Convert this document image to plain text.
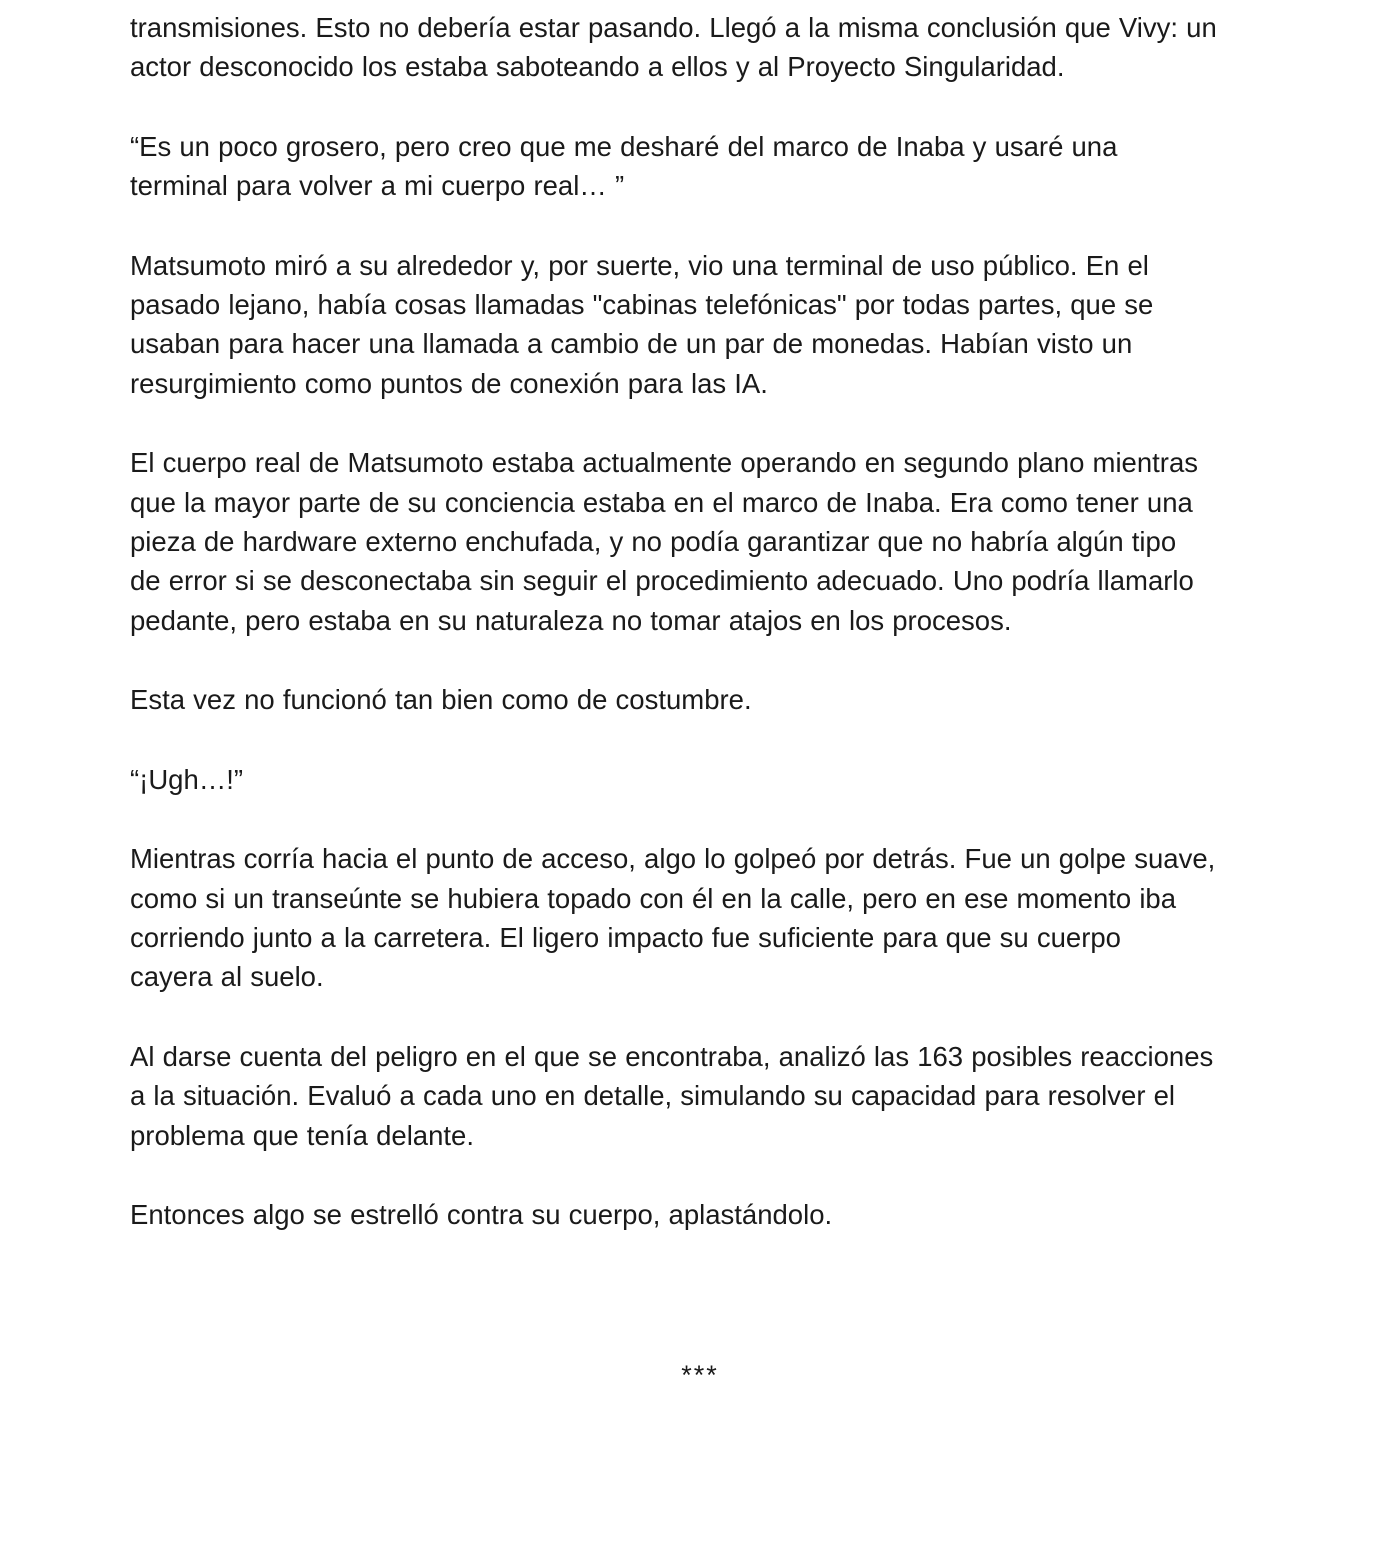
transmisiones. Esto no debería estar pasando. Llegó a la misma conclusión que Vivy: un
actor desconocido los estaba saboteando a ellos y al Proyecto Singularidad.

“Es un poco grosero, pero creo que me desharé del marco de Inaba y usaré una
terminal para volver a mi cuerpo real… ”

Matsumoto miró a su alrededor y, por suerte, vio una terminal de uso público. En el
pasado lejano, había cosas llamadas "cabinas telefónicas" por todas partes, que se
usaban para hacer una llamada a cambio de un par de monedas. Habían visto un
resurgimiento como puntos de conexión para las IA.

El cuerpo real de Matsumoto estaba actualmente operando en segundo plano mientras
que la mayor parte de su conciencia estaba en el marco de Inaba. Era como tener una
pieza de hardware externo enchufada, y no podía garantizar que no habría algún tipo
de error si se desconectaba sin seguir el procedimiento adecuado. Uno podría llamarlo
pedante, pero estaba en su naturaleza no tomar atajos en los procesos.

Esta vez no funcionó tan bien como de costumbre.

“¡Ugh…!”

Mientras corría hacia el punto de acceso, algo lo golpeó por detrás. Fue un golpe suave,
como si un transeúnte se hubiera topado con él en la calle, pero en ese momento iba
corriendo junto a la carretera. El ligero impacto fue suficiente para que su cuerpo
cayera al suelo.

Al darse cuenta del peligro en el que se encontraba, analizó las 163 posibles reacciones
a la situación. Evaluó a cada uno en detalle, simulando su capacidad para resolver el
problema que tenía delante.

Entonces algo se estrelló contra su cuerpo, aplastándolo.

***
